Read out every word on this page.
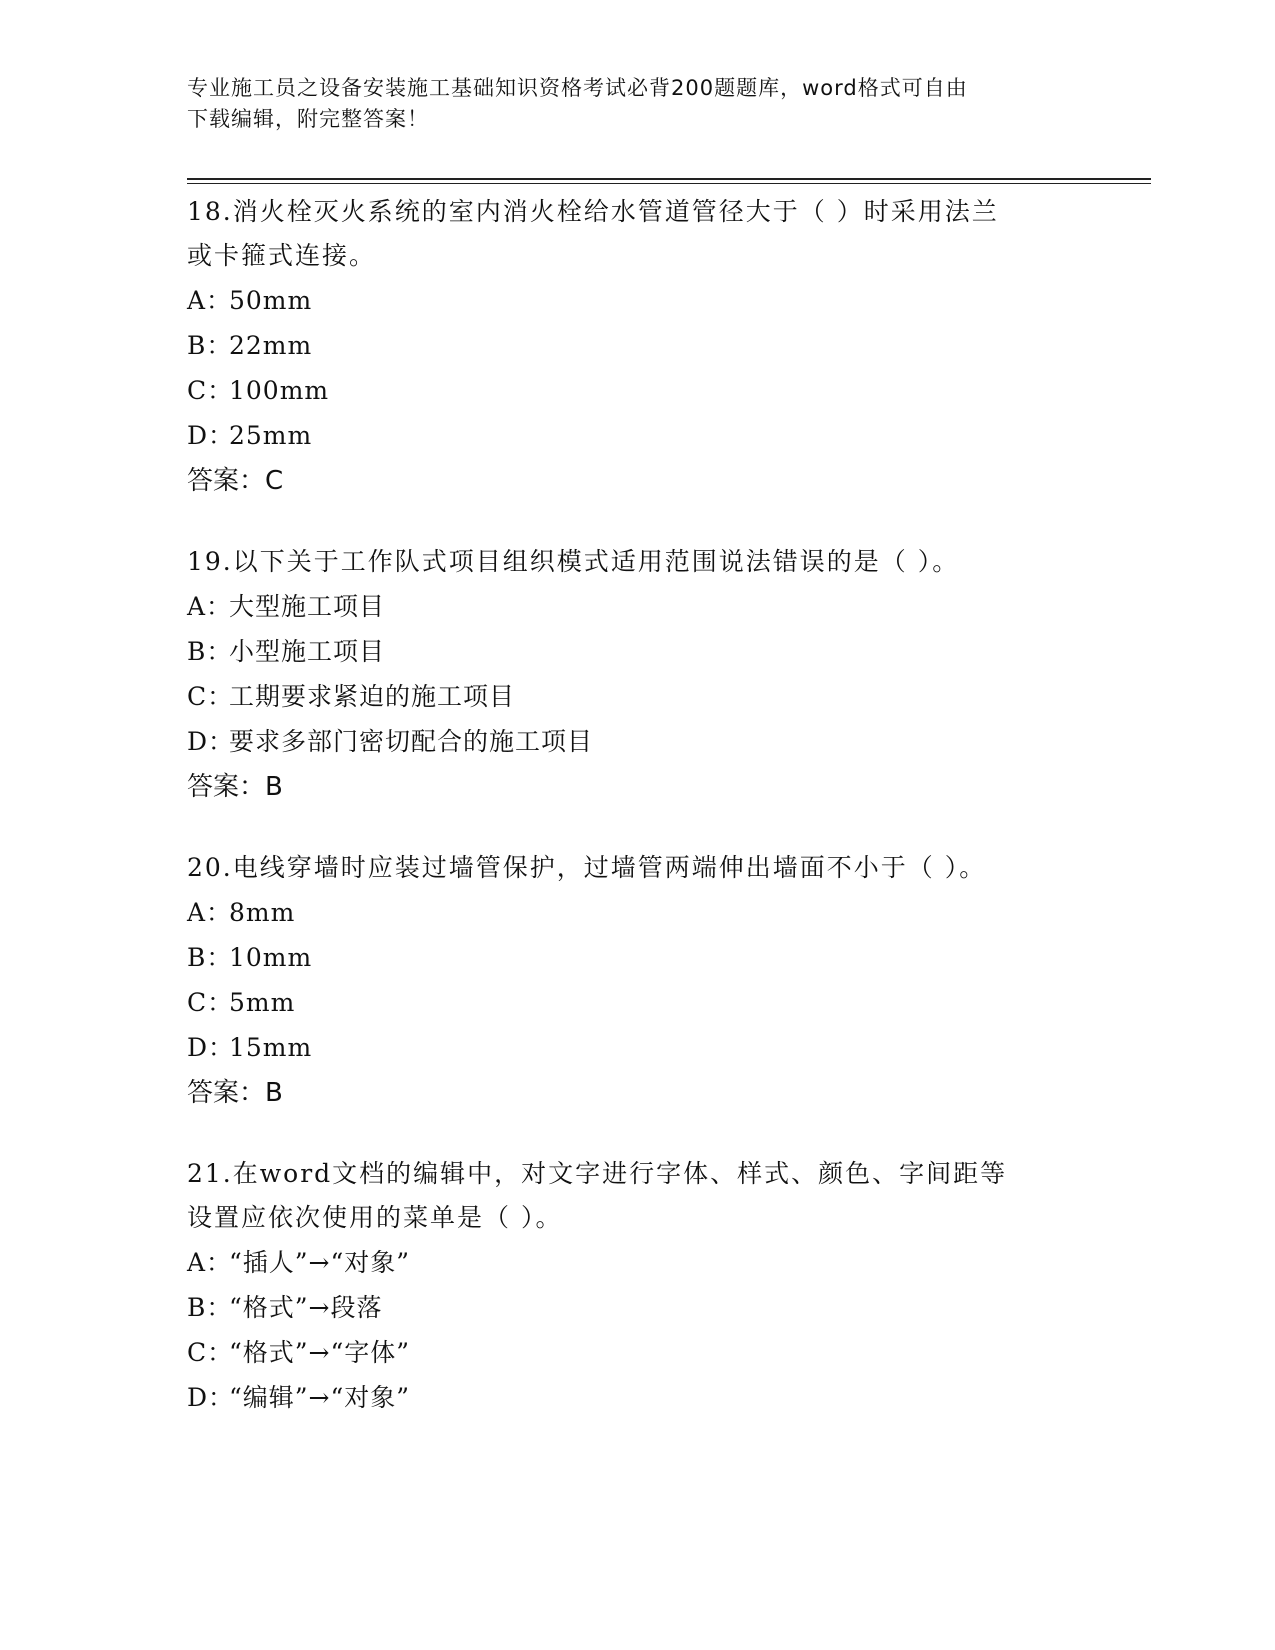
专业施工员之设备安装施工基础知识资格考试必背200题题库，word格式可自由
下载编辑，附完整答案！
18.消火栓灭火系统的室内消火栓给水管道管径大于（ ）时采用法兰
或卡箍式连接。
A：50mm
B：22mm
C：100mm
D：25mm
答案：C
19.以下关于工作队式项目组织模式适用范围说法错误的是（ ）。
A：大型施工项目
B：小型施工项目
C：工期要求紧迫的施工项目
D：要求多部门密切配合的施工项目
答案：B
20.电线穿墙时应装过墙管保护，过墙管两端伸出墙面不小于（ ）。
A：8mm
B：10mm
C：5mm
D：15mm
答案：B
21.在word文档的编辑中，对文字进行字体、样式、颜色、字间距等
设置应依次使用的菜单是（ ）。
A：“插人”→“对象”
B：“格式”→段落
C：“格式”→“字体”
D：“编辑”→“对象”
